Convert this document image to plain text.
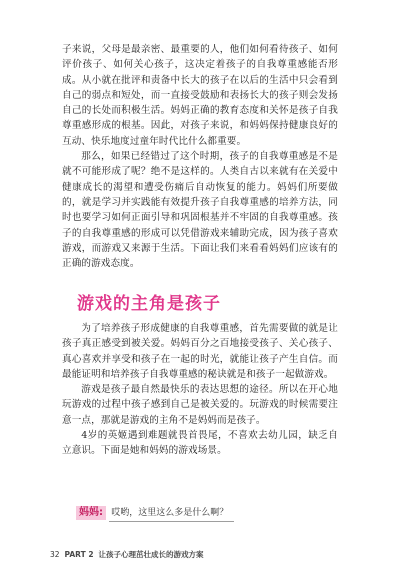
子来说，父母是最亲密、最重要的人，他们如何看待孩子、如何评价孩子、如何关心孩子，这决定着孩子的自我尊重感能否形成。从小就在批评和责备中长大的孩子在以后的生活中只会看到自己的弱点和短处，而一直接受鼓励和表扬长大的孩子则会发扬自己的长处而积极生活。妈妈正确的教育态度和关怀是孩子自我尊重感形成的根基。因此，对孩子来说，和妈妈保持健康良好的互动、快乐地度过童年时代比什么都重要。

那么，如果已经错过了这个时期，孩子的自我尊重感是不是就不可能形成了呢？绝不是这样的。人类自古以来就有在关爱中健康成长的渴望和遭受伤痛后自动恢复的能力。妈妈们所要做的，就是学习并实践能有效提升孩子自我尊重感的培养方法，同时也要学习如何正面引导和巩固根基并不牢固的自我尊重感。孩子的自我尊重感的形成可以凭借游戏来辅助完成，因为孩子喜欢游戏，而游戏又来源于生活。下面让我们来看看妈妈们应该有的正确的游戏态度。

游戏的主角是孩子

为了培养孩子形成健康的自我尊重感，首先需要做的就是让孩子真正感受到被关爱。妈妈百分之百地接受孩子、关心孩子、真心喜欢并享受和孩子在一起的时光，就能让孩子产生自信。而最能证明和培养孩子自我尊重感的秘诀就是和孩子一起做游戏。

游戏是孩子最自然最快乐的表达思想的途径。所以在开心地玩游戏的过程中孩子感到自己是被关爱的。玩游戏的时候需要注意一点，那就是游戏的主角不是妈妈而是孩子。

4岁的英姬遇到难题就畏首畏尾，不喜欢去幼儿园，缺乏自立意识。下面是她和妈妈的游戏场景。

妈妈: 哎哟，这里这么多是什么啊？
32 PART 2 让孩子心理茁壮成长的游戏方案
